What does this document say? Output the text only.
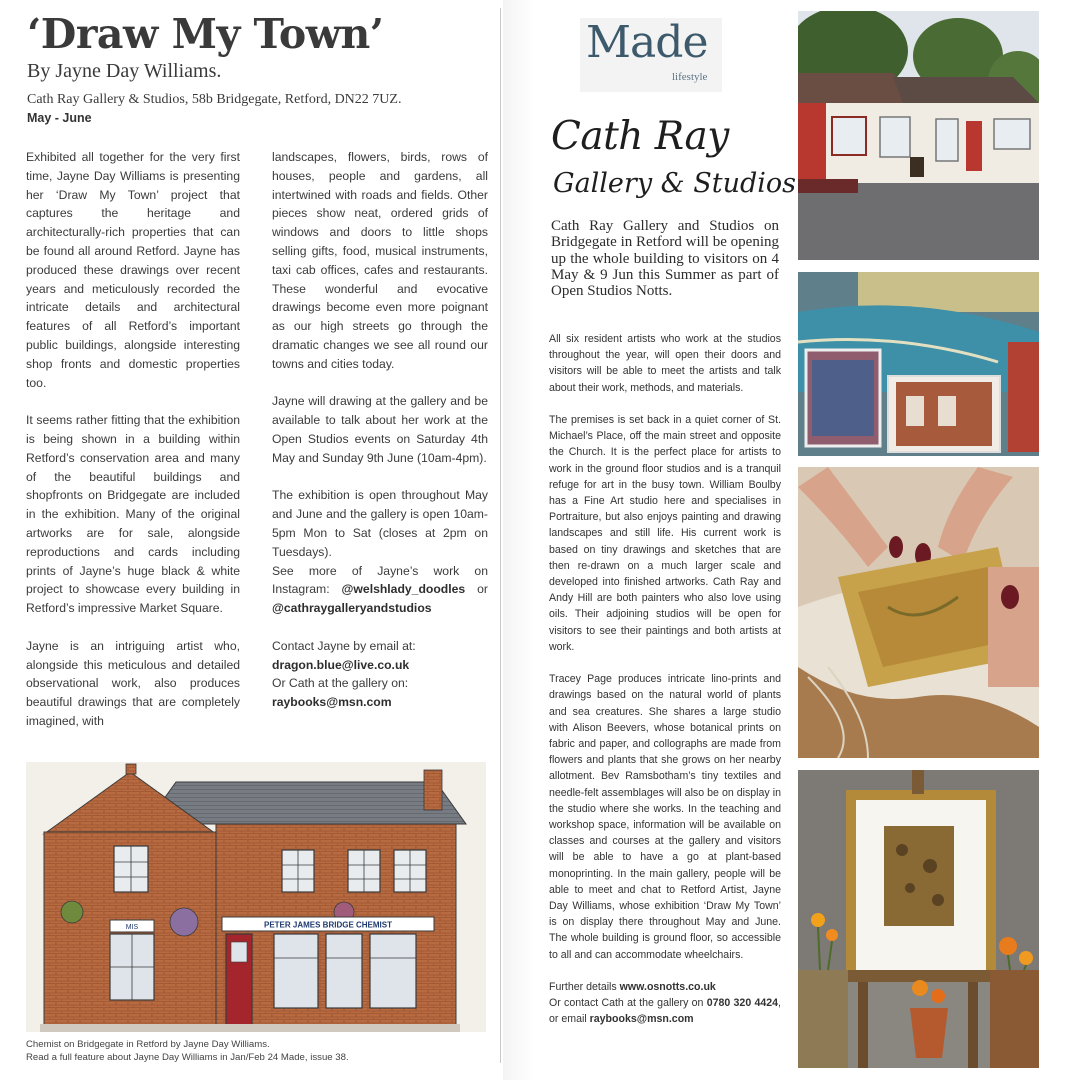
‘Draw My Town’
By Jayne Day Williams.
Cath Ray Gallery & Studios, 58b Bridgegate, Retford, DN22 7UZ.
May - June

Exhibited all together for the very first time, Jayne Day Williams is presenting her ‘Draw My Town’ project that captures the heritage and architecturally-rich properties that can be found all around Retford. Jayne has produced these drawings over recent years and meticulously recorded the intricate details and architectural features of all Retford’s important public buildings, alongside interesting shop fronts and domestic properties too.

It seems rather fitting that the exhibition is being shown in a building within Retford’s conservation area and many of the beautiful buildings and shopfronts on Bridgegate are included in the exhibition. Many of the original artworks are for sale, alongside reproductions and cards including prints of Jayne’s huge black & white project to showcase every building in Retford’s impressive Market Square.

Jayne is an intriguing artist who, alongside this meticulous and detailed observational work, also produces beautiful drawings that are completely imagined, with

landscapes, flowers, birds, rows of houses, people and gardens, all intertwined with roads and fields. Other pieces show neat, ordered grids of windows and doors to little shops selling gifts, food, musical instruments, taxi cab offices, cafes and restaurants. These wonderful and evocative drawings become even more poignant as our high streets go through the dramatic changes we see all round our towns and cities today.

Jayne will drawing at the gallery and be available to talk about her work at the Open Studios events on Saturday 4th May and Sunday 9th June (10am-4pm).

The exhibition is open throughout May and June and the gallery is open 10am-5pm Mon to Sat (closes at 2pm on Tuesdays).

See more of Jayne’s work on Instagram: @welshlady_doodles or @cathraygalleryandstudios

Contact Jayne by email at:
dragon.blue@live.co.uk
Or Cath at the gallery on:
raybooks@msn.com

MIS	PETER JAMES BRIDGE CHEMIST
Chemist on Bridgegate in Retford by Jayne Day Williams.
Read a full feature about Jayne Day Williams in Jan/Feb 24 Made, issue 38.
Made
lifestyle
Cath Ray
Gallery & Studios
Cath Ray Gallery and Studios on Bridgegate in Retford will be opening up the whole building to visitors on 4 May & 9 Jun this Summer as part of Open Studios Notts.

All six resident artists who work at the studios throughout the year, will open their doors and visitors will be able to meet the artists and talk about their work, methods, and materials.

The premises is set back in a quiet corner of St. Michael’s Place, off the main street and opposite the Church. It is the perfect place for artists to work in the ground floor studios and is a tranquil refuge for art in the busy town. William Boulby has a Fine Art studio here and specialises in Portraiture, but also enjoys painting and drawing landscapes and still life. His current work is based on tiny drawings and sketches that are then re-drawn on a much larger scale and developed into finished artworks. Cath Ray and Andy Hill are both painters who also love using oils. Their adjoining studios will be open for visitors to see their paintings and both artists at work.

Tracey Page produces intricate lino-prints and drawings based on the natural world of plants and sea creatures. She shares a large studio with Alison Beevers, whose botanical prints on fabric and paper, and collographs are made from flowers and plants that she grows on her nearby allotment. Bev Ramsbotham’s tiny textiles and needle-felt assemblages will also be on display in the studio where she works. In the teaching and workshop space, information will be available on classes and courses at the gallery and visitors will be able to have a go at plant-based monoprinting. In the main gallery, people will be able to meet and chat to Retford Artist, Jayne Day Williams, whose exhibition ‘Draw My Town’ is on display there throughout May and June. The whole building is ground floor, so accessible to all and can accommodate wheelchairs.

Further details www.osnotts.co.uk
Or contact Cath at the gallery on 0780 320 4424, or email raybooks@msn.com
